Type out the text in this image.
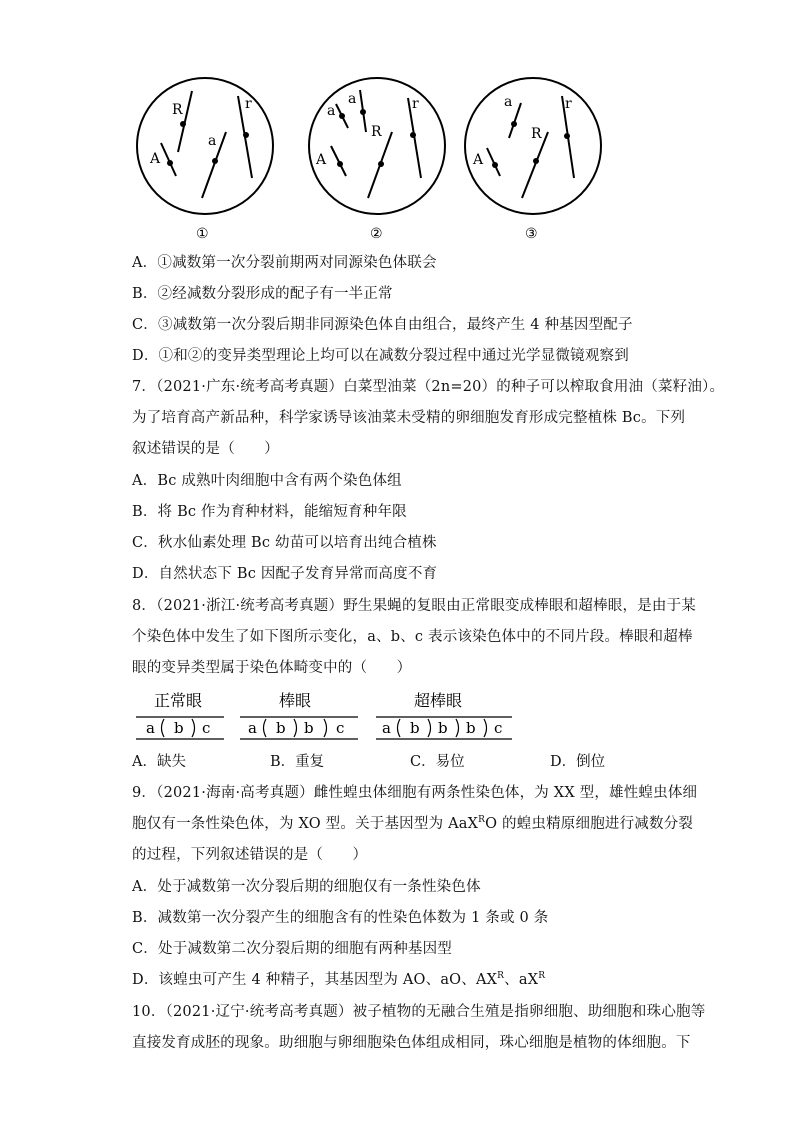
R
a
A
r
①
a
a
R
A
r
②
a
R
A
r
③
A．①减数第一次分裂前期两对同源染色体联会
B．②经减数分裂形成的配子有一半正常
C．③减数第一次分裂后期非同源染色体自由组合，最终产生 4 种基因型配子
D．①和②的变异类型理论上均可以在减数分裂过程中通过光学显微镜观察到
7．（2021·广东·统考高考真题）白菜型油菜（2n=20）的种子可以榨取食用油（菜籽油）。
为了培育高产新品种，科学家诱导该油菜未受精的卵细胞发育形成完整植株 Bc。下列
叙述错误的是（　　）
A．Bc 成熟叶肉细胞中含有两个染色体组
B．将 Bc 作为育种材料，能缩短育种年限
C．秋水仙素处理 Bc 幼苗可以培育出纯合植株
D．自然状态下 Bc 因配子发育异常而高度不育
8．（2021·浙江·统考高考真题）野生果蝇的复眼由正常眼变成棒眼和超棒眼，是由于某
个染色体中发生了如下图所示变化，a、b、c 表示该染色体中的不同片段。棒眼和超棒
眼的变异类型属于染色体畸变中的（　　）
正常眼
a b c
棒眼
a b b c
超棒眼
a b b b c
A．缺失	B．重复	C．易位	D．倒位
9．（2021·海南·高考真题）雌性蝗虫体细胞有两条性染色体，为 XX 型，雄性蝗虫体细
胞仅有一条性染色体，为 XO 型。关于基因型为 AaX$^R$O 的蝗虫精原细胞进行减数分裂
的过程，下列叙述错误的是（　　）
A．处于减数第一次分裂后期的细胞仅有一条性染色体
B．减数第一次分裂产生的细胞含有的性染色体数为 1 条或 0 条
C．处于减数第二次分裂后期的细胞有两种基因型
D．该蝗虫可产生 4 种精子，其基因型为 AO、aO、$AX^R$、$aX^R$
10．（2021·辽宁·统考高考真题）被子植物的无融合生殖是指卵细胞、助细胞和珠心胞等
直接发育成胚的现象。助细胞与卵细胞染色体组成相同，珠心细胞是植物的体细胞。下
